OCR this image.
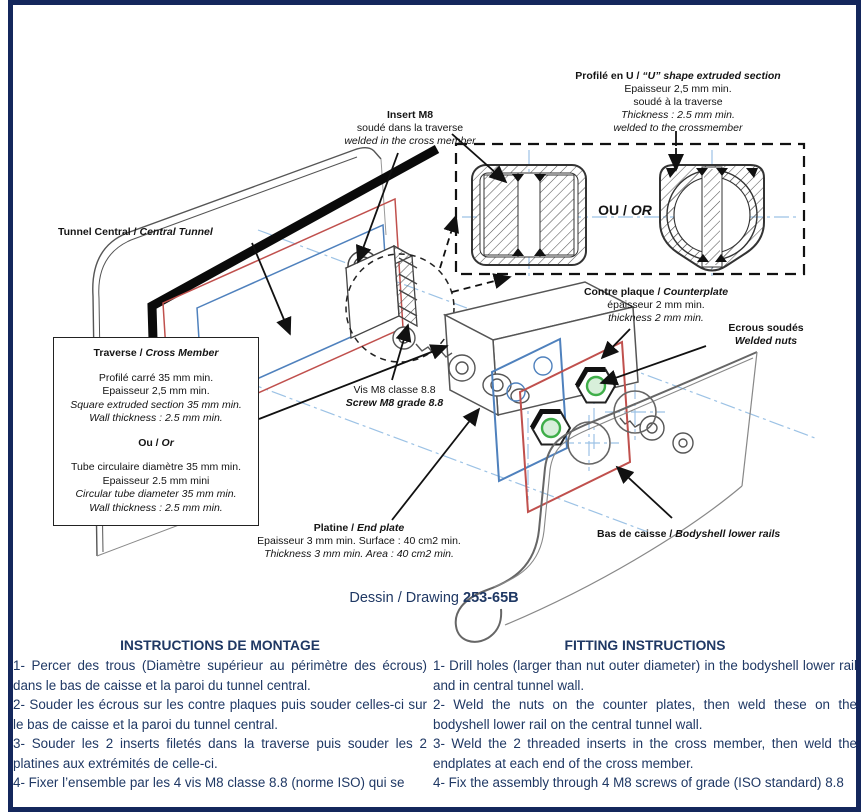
Insert M8
soudé dans la traverse
welded in the cross member
Profilé en U / “U” shape extruded section
Epaisseur 2,5 mm min.
soudé à la traverse
Thickness : 2.5 mm min.
welded to the crossmember
Tunnel Central / Central Tunnel
Traverse / Cross Member
Profilé carré 35 mm min.
Epaisseur 2,5 mm min.
Square extruded section 35 mm min.
Wall thickness : 2.5 mm min.
Ou / Or
Tube circulaire diamètre 35 mm min.
Epaisseur 2.5 mm mini
Circular tube diameter 35 mm min.
Wall thickness : 2.5 mm min.
Vis M8 classe 8.8
Screw M8 grade 8.8
Contre plaque / Counterplate
épaisseur 2 mm min.
thickness 2 mm min.
Ecrous soudés
Welded nuts
Platine / End plate
Epaisseur 3 mm min. Surface : 40 cm2 min.
Thickness 3 mm min. Area : 40 cm2 min.
Bas de caisse / Bodyshell lower rails
OU / OR
Dessin / Drawing 253-65B
INSTRUCTIONS DE MONTAGE

1- Percer des trous (Diamètre supérieur au périmètre des écrous) dans le bas de caisse et la paroi du tunnel central.

2- Souder les écrous sur les contre plaques puis souder celles-ci sur le bas de caisse et la paroi du tunnel central.

3- Souder les 2 inserts filetés dans la traverse puis souder les 2 platines aux extrémités de celle-ci.

4- Fixer l’ensemble par les 4 vis M8 classe 8.8 (norme ISO) qui se

FITTING INSTRUCTIONS

1- Drill holes (larger than nut outer diameter) in the bodyshell lower rail and in central tunnel wall.

2- Weld the nuts on the counter plates, then weld these on the bodyshell lower rail on the central tunnel wall.

3- Weld the 2 threaded inserts in the cross member, then weld the endplates at each end of the cross member.

4- Fix the assembly through 4 M8 screws of grade (ISO standard) 8.8
